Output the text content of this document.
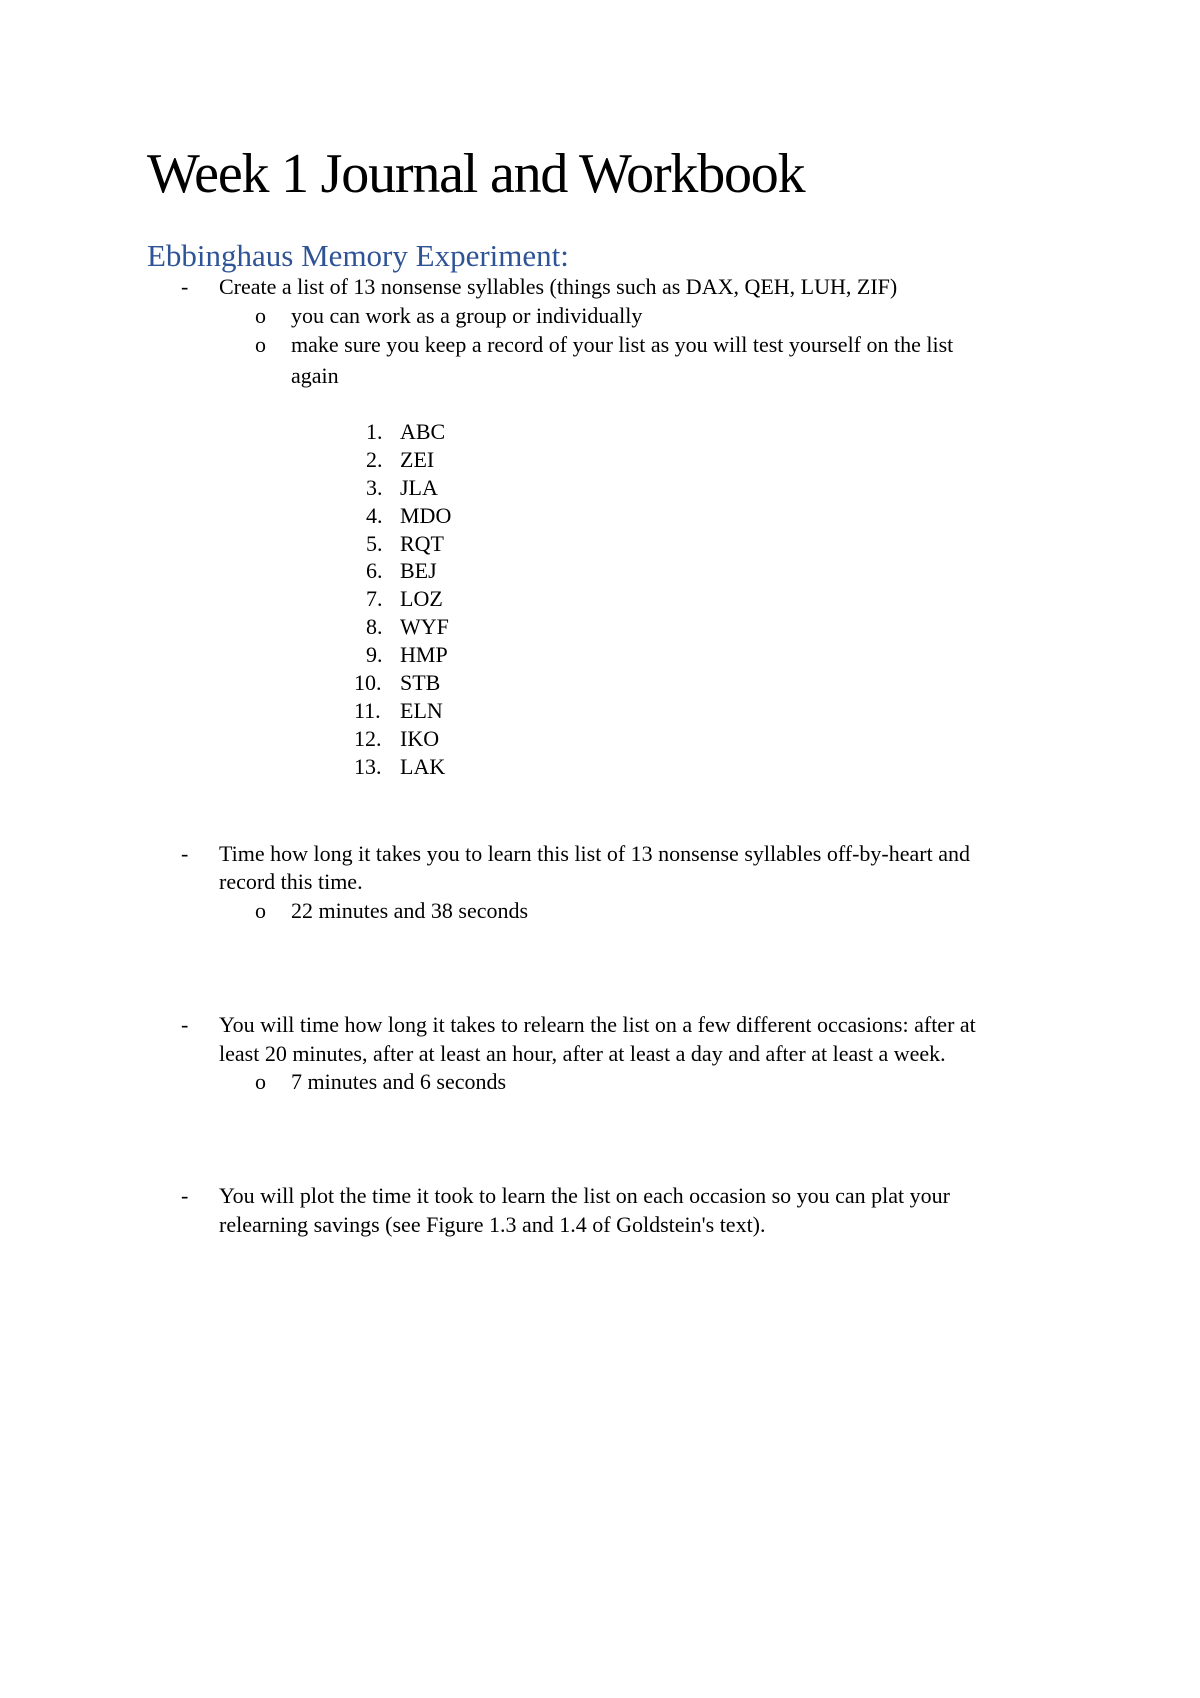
Week 1 Journal and Workbook
Ebbinghaus Memory Experiment:
- Create a list of 13 nonsense syllables (things such as DAX, QEH, LUH, ZIF)
o you can work as a group or individually
o make sure you keep a record of your list as you will test yourself on the list
again
1. ABC
2. ZEI
3. JLA
4. MDO
5. RQT
6. BEJ
7. LOZ
8. WYF
9. HMP
10. STB
11. ELN
12. IKO
13. LAK
- Time how long it takes you to learn this list of 13 nonsense syllables off-by-heart and
record this time.
o 22 minutes and 38 seconds
- You will time how long it takes to relearn the list on a few different occasions: after at
least 20 minutes, after at least an hour, after at least a day and after at least a week.
o 7 minutes and 6 seconds
- You will plot the time it took to learn the list on each occasion so you can plat your
relearning savings (see Figure 1.3 and 1.4 of Goldstein's text).
